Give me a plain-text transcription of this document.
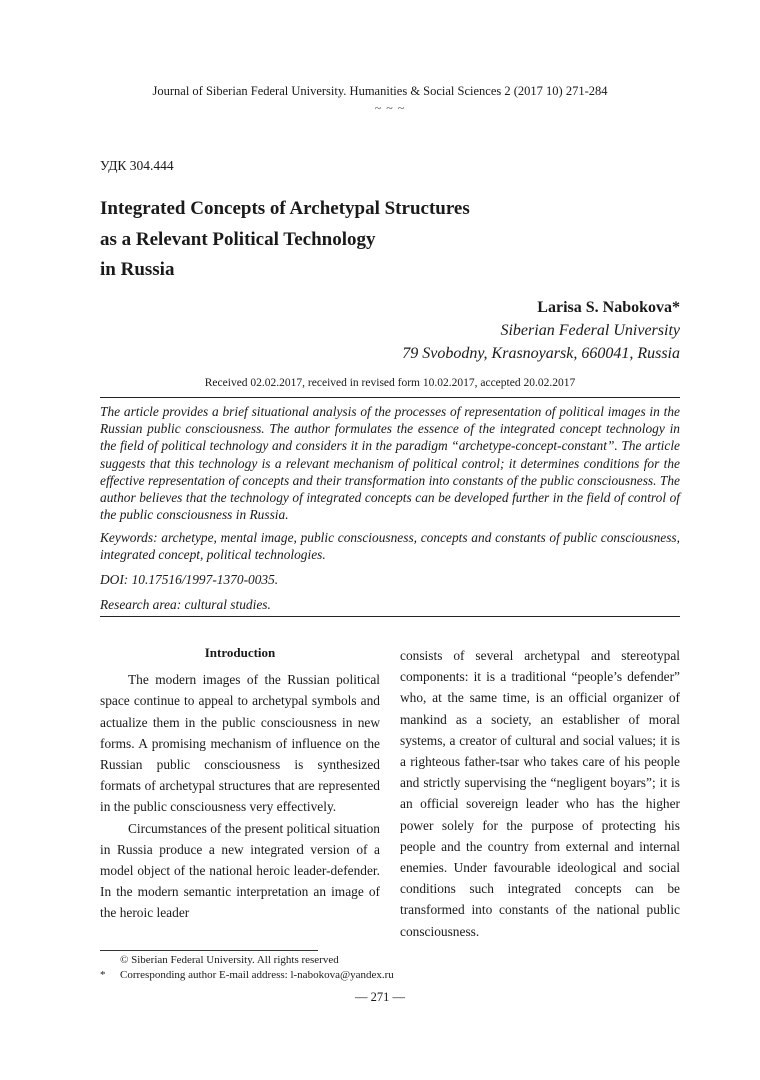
Journal of Siberian Federal University. Humanities & Social Sciences 2 (2017 10) 271-284
~ ~ ~
УДК 304.444
Integrated Concepts of Archetypal Structures
as a Relevant Political Technology
in Russia
Larisa S. Nabokova*
Siberian Federal University
79 Svobodny, Krasnoyarsk, 660041, Russia
Received 02.02.2017, received in revised form 10.02.2017, accepted 20.02.2017

The article provides a brief situational analysis of the processes of representation of political images in the Russian public consciousness. The author formulates the essence of the integrated concept technology in the field of political technology and considers it in the paradigm “archetype-concept-constant”. The article suggests that this technology is a relevant mechanism of political control; it determines conditions for the effective representation of concepts and their transformation into constants of the public consciousness. The author believes that the technology of integrated concepts can be developed further in the field of control of the public consciousness in Russia.

Keywords: archetype, mental image, public consciousness, concepts and constants of public consciousness, integrated concept, political technologies.

DOI: 10.17516/1997-1370-0035.

Research area: cultural studies.

Introduction

The modern images of the Russian political space continue to appeal to archetypal symbols and actualize them in the public consciousness in new forms. A promising mechanism of influence on the Russian public consciousness is synthesized formats of archetypal structures that are represented in the public consciousness very effectively.

Circumstances of the present political situation in Russia produce a new integrated version of a model object of the national heroic leader-defender. In the modern semantic interpretation an image of the heroic leader

consists of several archetypal and stereotypal components: it is a traditional “people’s defender” who, at the same time, is an official organizer of mankind as a society, an establisher of moral systems, a creator of cultural and social values; it is a righteous father-tsar who takes care of his people and strictly supervising the “negligent boyars”; it is an official sovereign leader who has the higher power solely for the purpose of protecting his people and the country from external and internal enemies. Under favourable ideological and social conditions such integrated concepts can be transformed into constants of the national public consciousness.

© Siberian Federal University. All rights reserved
* Corresponding author E-mail address: l-nabokova@yandex.ru
— 271 —
